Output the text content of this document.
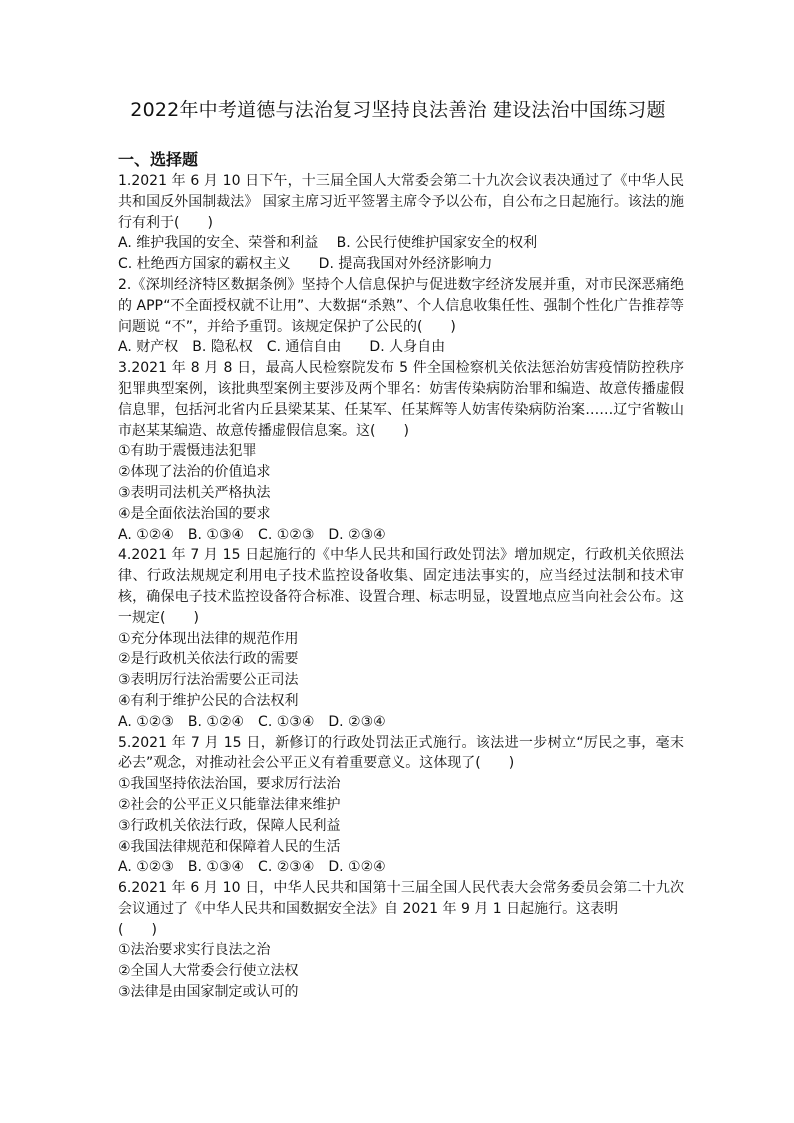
2022年中考道德与法治复习坚持良法善治 建设法治中国练习题
一、选择题

1.2021 年 6 月 10 日下午，十三届全国人大常委会第二十九次会议表决通过了《中华人民共和国反外国制裁法》 国家主席习近平签署主席令予以公布，自公布之日起施行。该法的施行有利于(　　)

A. 维护我国的安全、荣誉和利益　 B. 公民行使维护国家安全的权利

C. 杜绝西方国家的霸权主义　　D. 提高我国对外经济影响力

2.《深圳经济特区数据条例》坚持个人信息保护与促进数字经济发展并重，对市民深恶痛绝的 APP“不全面授权就不让用”、大数据“杀熟”、个人信息收集任性、强制个性化广告推荐等问题说 “不”，并给予重罚。该规定保护了公民的(　　)

A. 财产权　B. 隐私权　C. 通信自由　　D. 人身自由

3.2021 年 8 月 8 日，最高人民检察院发布 5 件全国检察机关依法惩治妨害疫情防控秩序犯罪典型案例，该批典型案例主要涉及两个罪名：妨害传染病防治罪和编造、故意传播虚假信息罪，包括河北省内丘县梁某某、任某军、任某辉等人妨害传染病防治案……辽宁省鞍山市赵某某编造、故意传播虚假信息案。这(　　)

①有助于震慑违法犯罪

②体现了法治的价值追求

③表明司法机关严格执法

④是全面依法治国的要求

A. ①②④　B. ①③④　C. ①②③　D. ②③④

4.2021 年 7 月 15 日起施行的《中华人民共和国行政处罚法》增加规定，行政机关依照法律、行政法规规定利用电子技术监控设备收集、固定违法事实的，应当经过法制和技术审核，确保电子技术监控设备符合标准、设置合理、标志明显，设置地点应当向社会公布。这一规定(　　)

①充分体现出法律的规范作用

②是行政机关依法行政的需要

③表明厉行法治需要公正司法

④有利于维护公民的合法权利

A. ①②③　B. ①②④　C. ①③④　D. ②③④

5.2021 年 7 月 15 日，新修订的行政处罚法正式施行。该法进一步树立“厉民之事，毫末必去”观念，对推动社会公平正义有着重要意义。这体现了(　　)

①我国坚持依法治国，要求厉行法治

②社会的公平正义只能靠法律来维护

③行政机关依法行政，保障人民利益

④我国法律规范和保障着人民的生活

A. ①②③　B. ①③④　C. ②③④　D. ①②④

6.2021 年 6 月 10 日，中华人民共和国第十三届全国人民代表大会常务委员会第二十九次会议通过了《中华人民共和国数据安全法》自 2021 年 9 月 1 日起施行。这表明

(　　)

①法治要求实行良法之治

②全国人大常委会行使立法权

③法律是由国家制定或认可的
